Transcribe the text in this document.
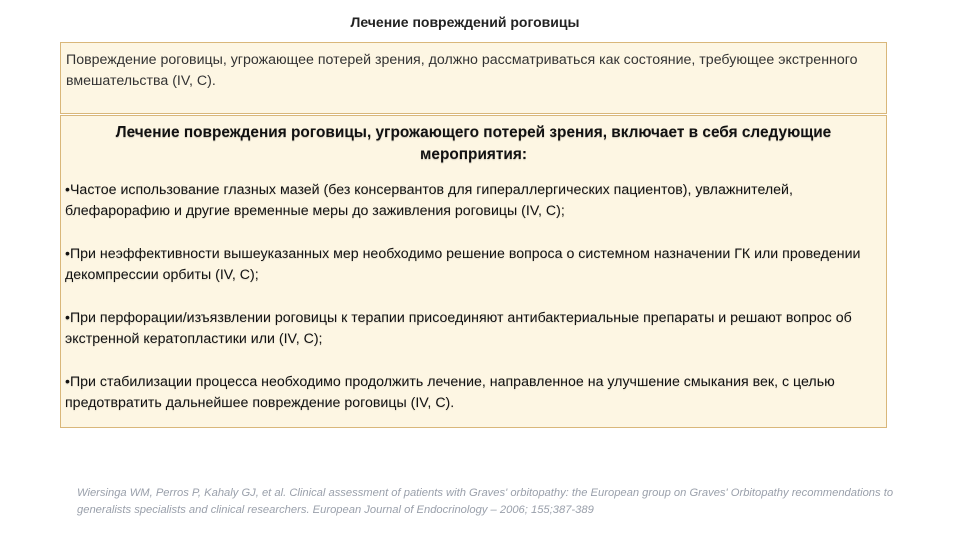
Лечение повреждений роговицы
Повреждение роговицы, угрожающее потерей зрения, должно рассматриваться как состояние, требующее экстренного вмешательства (IV, C).
Лечение повреждения роговицы, угрожающего потерей зрения, включает в себя следующие мероприятия:
•Частое использование глазных мазей (без консервантов для гипераллергических пациентов), увлажнителей, блефарорафию и другие временные меры до заживления роговицы (IV, C);
•При неэффективности вышеуказанных мер необходимо решение вопроса о системном назначении ГК или проведении декомпрессии орбиты (IV, C);
•При перфорации/изъязвлении роговицы к терапии присоединяют антибактериальные препараты и решают вопрос об экстренной кератопластики или (IV, C);
•При стабилизации процесса необходимо продолжить лечение, направленное на улучшение смыкания век, с целью предотвратить дальнейшее повреждение роговицы (IV, C).
Wiersinga WM, Perros P, Kahaly GJ, et al. Clinical assessment of patients with Graves' orbitopathy: the European group on Graves' Orbitopathy recommendations to generalists specialists and clinical researchers. European Journal of Endocrinology – 2006; 155;387-389
